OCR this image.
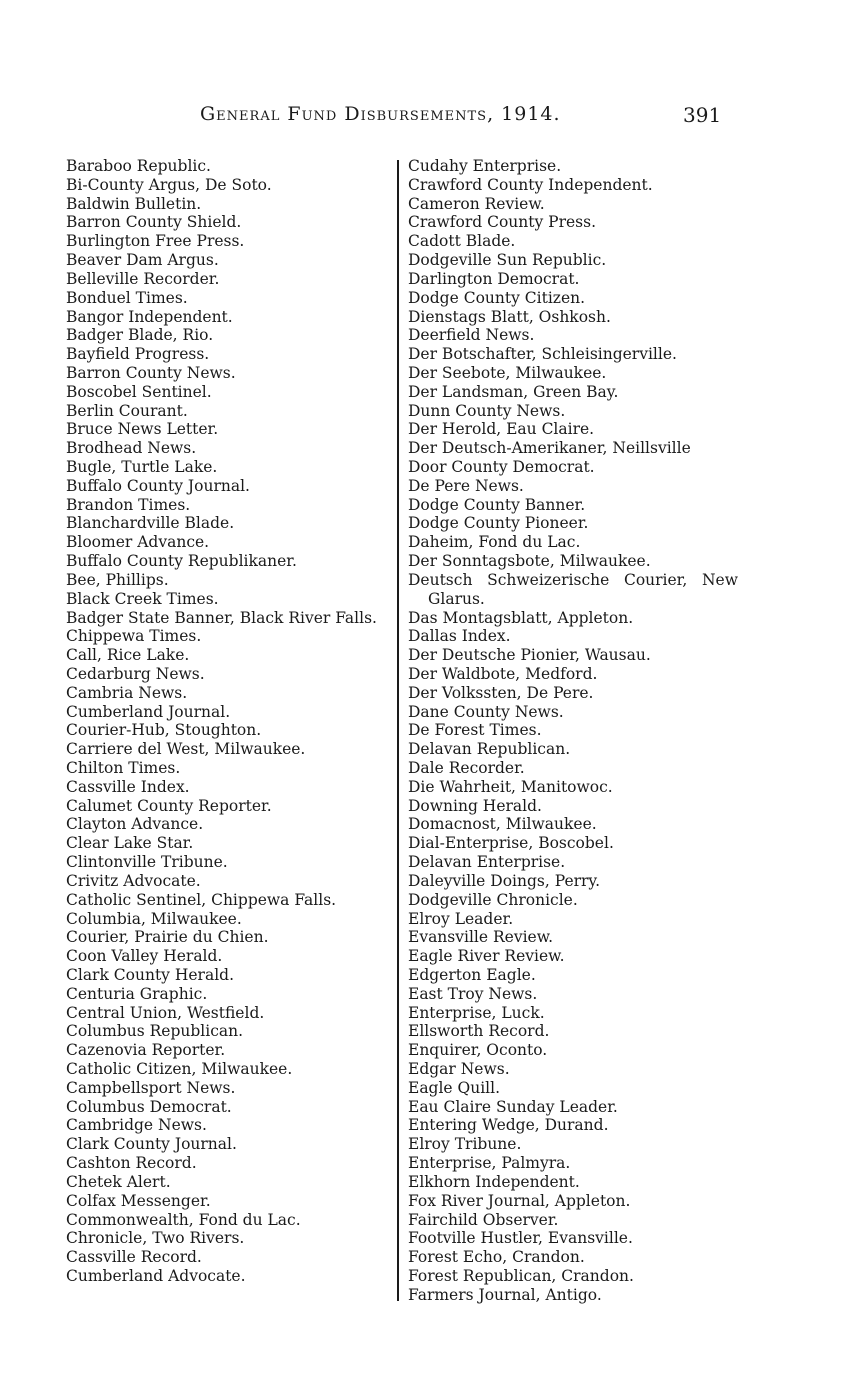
General Fund Disbursements, 1914.	391
Baraboo Republic.
Bi-County Argus, De Soto.
Baldwin Bulletin.
Barron County Shield.
Burlington Free Press.
Beaver Dam Argus.
Belleville Recorder.
Bonduel Times.
Bangor Independent.
Badger Blade, Rio.
Bayfield Progress.
Barron County News.
Boscobel Sentinel.
Berlin Courant.
Bruce News Letter.
Brodhead News.
Bugle, Turtle Lake.
Buffalo County Journal.
Brandon Times.
Blanchardville Blade.
Bloomer Advance.
Buffalo County Republikaner.
Bee, Phillips.
Black Creek Times.
Badger State Banner, Black River Falls.
Chippewa Times.
Call, Rice Lake.
Cedarburg News.
Cambria News.
Cumberland Journal.
Courier-Hub, Stoughton.
Carriere del West, Milwaukee.
Chilton Times.
Cassville Index.
Calumet County Reporter.
Clayton Advance.
Clear Lake Star.
Clintonville Tribune.
Crivitz Advocate.
Catholic Sentinel, Chippewa Falls.
Columbia, Milwaukee.
Courier, Prairie du Chien.
Coon Valley Herald.
Clark County Herald.
Centuria Graphic.
Central Union, Westfield.
Columbus Republican.
Cazenovia Reporter.
Catholic Citizen, Milwaukee.
Campbellsport News.
Columbus Democrat.
Cambridge News.
Clark County Journal.
Cashton Record.
Chetek Alert.
Colfax Messenger.
Commonwealth, Fond du Lac.
Chronicle, Two Rivers.
Cassville Record.
Cumberland Advocate.
Cudahy Enterprise.
Crawford County Independent.
Cameron Review.
Crawford County Press.
Cadott Blade.
Dodgeville Sun Republic.
Darlington Democrat.
Dodge County Citizen.
Dienstags Blatt, Oshkosh.
Deerfield News.
Der Botschafter, Schleisingerville.
Der Seebote, Milwaukee.
Der Landsman, Green Bay.
Dunn County News.
Der Herold, Eau Claire.
Der Deutsch-Amerikaner, Neillsville
Door County Democrat.
De Pere News.
Dodge County Banner.
Dodge County Pioneer.
Daheim, Fond du Lac.
Der Sonntagsbote, Milwaukee.
Deutsch Schweizerische Courier, New Glarus.
Das Montagsblatt, Appleton.
Dallas Index.
Der Deutsche Pionier, Wausau.
Der Waldbote, Medford.
Der Volkssten, De Pere.
Dane County News.
De Forest Times.
Delavan Republican.
Dale Recorder.
Die Wahrheit, Manitowoc.
Downing Herald.
Domacnost, Milwaukee.
Dial-Enterprise, Boscobel.
Delavan Enterprise.
Daleyville Doings, Perry.
Dodgeville Chronicle.
Elroy Leader.
Evansville Review.
Eagle River Review.
Edgerton Eagle.
East Troy News.
Enterprise, Luck.
Ellsworth Record.
Enquirer, Oconto.
Edgar News.
Eagle Quill.
Eau Claire Sunday Leader.
Entering Wedge, Durand.
Elroy Tribune.
Enterprise, Palmyra.
Elkhorn Independent.
Fox River Journal, Appleton.
Fairchild Observer.
Footville Hustler, Evansville.
Forest Echo, Crandon.
Forest Republican, Crandon.
Farmers Journal, Antigo.
